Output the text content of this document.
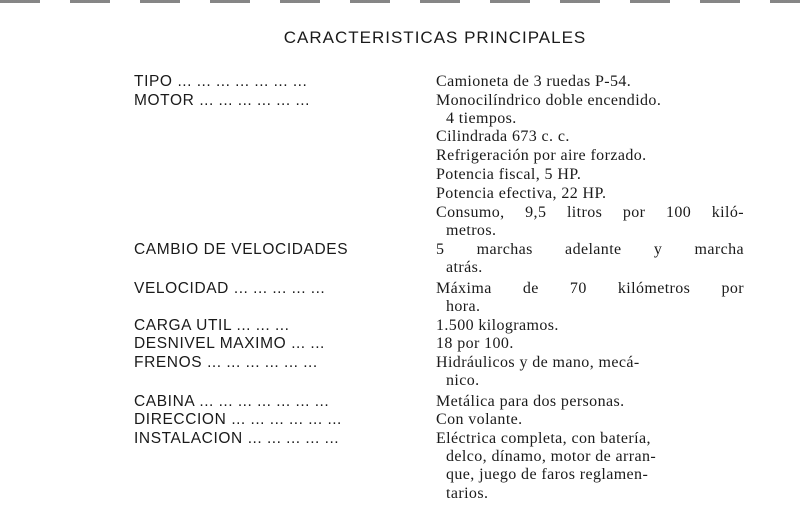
CARACTERISTICAS PRINCIPALES
TIPO ... ... ... ... ... ... ...	Camioneta de 3 ruedas P-54.
MOTOR ... ... ... ... ... ...	Monocilíndrico doble encendido.
4 tiempos.
Cilindrada 673 c. c.
Refrigeración por aire forzado.
Potencia fiscal, 5 HP.
Potencia efectiva, 22 HP.
Consumo, 9,5 litros por 100 kiló-
metros.
CAMBIO DE VELOCIDADES	5 marchas adelante y marcha
atrás.
VELOCIDAD ... ... ... ... ...	Máxima de 70 kilómetros por
hora.
CARGA UTIL ... ... ...	1.500 kilogramos.
DESNIVEL MAXIMO ... ...	18 por 100.
FRENOS ... ... ... ... ... ...	Hidráulicos y de mano, mecá-
nico.
CABINA ... ... ... ... ... ... ...	Metálica para dos personas.
DIRECCION ... ... ... ... ... ...	Con volante.
INSTALACION ... ... ... ... ...	Eléctrica completa, con batería,
delco, dínamo, motor de arran-
que, juego de faros reglamen-
tarios.
